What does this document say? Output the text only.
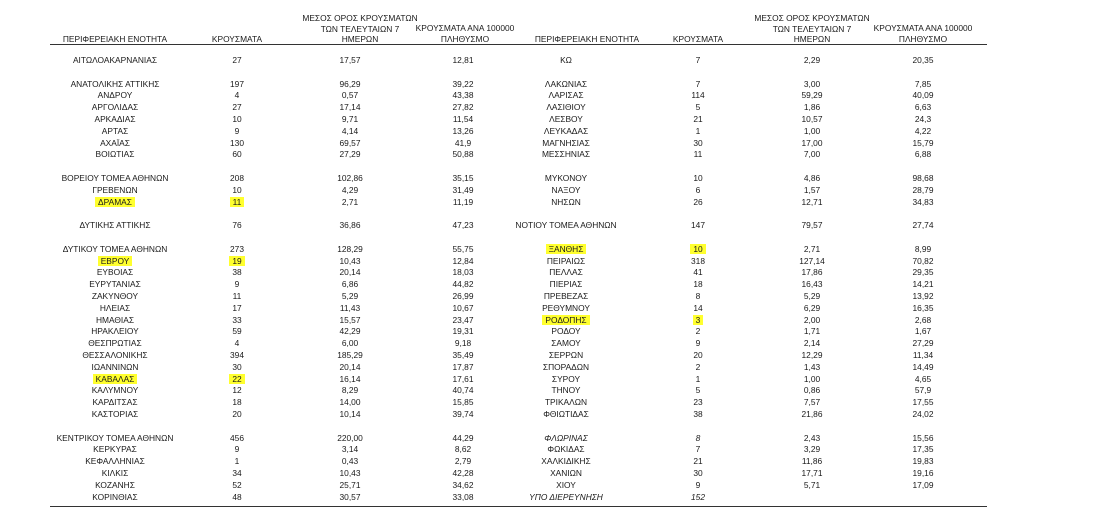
ΠΕΡΙΦΕΡΕΙΑΚΗ ΕΝΟΤΗΤΑ	ΚΡΟΥΣΜΑΤΑ
ΜΕΣΟΣ ΟΡΟΣ ΚΡΟΥΣΜΑΤΩΝ
ΤΩΝ ΤΕΛΕΥΤΑΙΩΝ 7
ΗΜΕΡΩΝ
ΚΡΟΥΣΜΑΤΑ ΑΝΑ 100000
ΠΛΗΘΥΣΜΟ	ΠΕΡΙΦΕΡΕΙΑΚΗ ΕΝΟΤΗΤΑ	ΚΡΟΥΣΜΑΤΑ
ΜΕΣΟΣ ΟΡΟΣ ΚΡΟΥΣΜΑΤΩΝ
ΤΩΝ ΤΕΛΕΥΤΑΙΩΝ 7
ΗΜΕΡΩΝ
ΚΡΟΥΣΜΑΤΑ ΑΝΑ 100000
ΠΛΗΘΥΣΜΟ
ΑΙΤΩΛΟΑΚΑΡΝΑΝΙΑΣ	27	17,57	12,81
ΑΝΑΤΟΛΙΚΗΣ ΑΤΤΙΚΗΣ	197	96,29	39,22
ΑΝΔΡΟΥ	4	0,57	43,38
ΑΡΓΟΛΙΔΑΣ	27	17,14	27,82
ΑΡΚΑΔΙΑΣ	10	9,71	11,54
ΑΡΤΑΣ	9	4,14	13,26
ΑΧΑΪΑΣ	130	69,57	41,9
ΒΟΙΩΤΙΑΣ	60	27,29	50,88
ΒΟΡΕΙΟΥ ΤΟΜΕΑ ΑΘΗΝΩΝ	208	102,86	35,15
ΓΡΕΒΕΝΩΝ	10	4,29	31,49
ΔΡΑΜΑΣ	11	2,71	11,19
ΔΥΤΙΚΗΣ ΑΤΤΙΚΗΣ	76	36,86	47,23
ΔΥΤΙΚΟΥ ΤΟΜΕΑ ΑΘΗΝΩΝ	273	128,29	55,75
ΕΒΡΟΥ	19	10,43	12,84
ΕΥΒΟΙΑΣ	38	20,14	18,03
ΕΥΡΥΤΑΝΙΑΣ	9	6,86	44,82
ΖΑΚΥΝΘΟΥ	11	5,29	26,99
ΗΛΕΙΑΣ	17	11,43	10,67
ΗΜΑΘΙΑΣ	33	15,57	23,47
ΗΡΑΚΛΕΙΟΥ	59	42,29	19,31
ΘΕΣΠΡΩΤΙΑΣ	4	6,00	9,18
ΘΕΣΣΑΛΟΝΙΚΗΣ	394	185,29	35,49
ΙΩΑΝΝΙΝΩΝ	30	20,14	17,87
ΚΑΒΑΛΑΣ	22	16,14	17,61
ΚΑΛΥΜΝΟΥ	12	8,29	40,74
ΚΑΡΔΙΤΣΑΣ	18	14,00	15,85
ΚΑΣΤΟΡΙΑΣ	20	10,14	39,74
ΚΕΝΤΡΙΚΟΥ ΤΟΜΕΑ ΑΘΗΝΩΝ	456	220,00	44,29
ΚΕΡΚΥΡΑΣ	9	3,14	8,62
ΚΕΦΑΛΛΗΝΙΑΣ	1	0,43	2,79
ΚΙΛΚΙΣ	34	10,43	42,28
ΚΟΖΑΝΗΣ	52	25,71	34,62
ΚΟΡΙΝΘΙΑΣ	48	30,57	33,08
ΚΩ	7	2,29	20,35
ΛΑΚΩΝΙΑΣ	7	3,00	7,85
ΛΑΡΙΣΑΣ	114	59,29	40,09
ΛΑΣΙΘΙΟΥ	5	1,86	6,63
ΛΕΣΒΟΥ	21	10,57	24,3
ΛΕΥΚΑΔΑΣ	1	1,00	4,22
ΜΑΓΝΗΣΙΑΣ	30	17,00	15,79
ΜΕΣΣΗΝΙΑΣ	11	7,00	6,88
ΜΥΚΟΝΟΥ	10	4,86	98,68
ΝΑΞΟΥ	6	1,57	28,79
ΝΗΣΩΝ	26	12,71	34,83
ΝΟΤΙΟΥ ΤΟΜΕΑ ΑΘΗΝΩΝ	147	79,57	27,74
ΞΑΝΘΗΣ	10	2,71	8,99
ΠΕΙΡΑΙΩΣ	318	127,14	70,82
ΠΕΛΛΑΣ	41	17,86	29,35
ΠΙΕΡΙΑΣ	18	16,43	14,21
ΠΡΕΒΕΖΑΣ	8	5,29	13,92
ΡΕΘΥΜΝΟΥ	14	6,29	16,35
ΡΟΔΟΠΗΣ	3	2,00	2,68
ΡΟΔΟΥ	2	1,71	1,67
ΣΑΜΟΥ	9	2,14	27,29
ΣΕΡΡΩΝ	20	12,29	11,34
ΣΠΟΡΑΔΩΝ	2	1,43	14,49
ΣΥΡΟΥ	1	1,00	4,65
ΤΗΝΟΥ	5	0,86	57,9
ΤΡΙΚΑΛΩΝ	23	7,57	17,55
ΦΘΙΩΤΙΔΑΣ	38	21,86	24,02
ΦΛΩΡΙΝΑΣ	8	2,43	15,56
ΦΩΚΙΔΑΣ	7	3,29	17,35
ΧΑΛΚΙΔΙΚΗΣ	21	11,86	19,83
ΧΑΝΙΩΝ	30	17,71	19,16
ΧΙΟΥ	9	5,71	17,09
ΥΠΟ ΔΙΕΡΕΥΝΗΣΗ	152
